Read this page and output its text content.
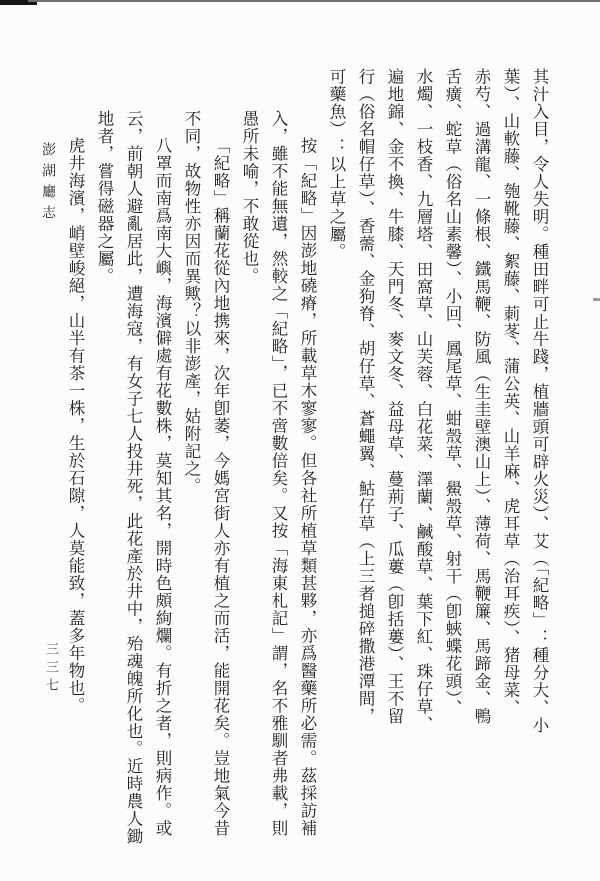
其汁入目，令人失明。種田畔可止牛踐，植牆頭可辟火災）、艾（「紀略」：種分大、小
葉）、山軟藤、匏靴藤、絮藤、莿苳、蒲公英、山羊麻、虎耳草（治耳疾）、猪母菜、
赤芍、過溝龍、一條根、鐵馬鞭、防風（生圭壁澳山上）、薄荷、馬鞭簾、馬蹄金、鴨
舌癀、蛇草（俗名山素馨）、小回、鳳尾草、蚶殼草、鱟殼草、射干（卽蛺蝶花頭）、
水燭、一枝香、九層塔、田窩草、山芙蓉、白花菜、澤蘭、鹹酸草、葉下紅、珠仔草、
遍地錦、金不換、牛膝、天門冬、麥文冬、益母草、蔓荊子、瓜蔞（卽括蔞）、王不留
行（俗名帽仔草）、香薷、金狗脊、胡仔草、蒼蠅翼、鮕仔草（上三者搥碎撒港潭間，
可藥魚）：以上草之屬。
按「紀略」因澎地磽瘠，所載草木寥寥。但各社所植草類甚夥，亦爲醫藥所必需。茲採訪補
入，雖不能無遺，然較之「紀略」，已不啻數倍矣。又按「海東札記」謂，名不雅馴者弗載，則
愚所未喻，不敢從也。
「紀略」稱蘭花從內地携來，次年卽萎，今媽宮街人亦有植之而活，能開花矣。豈地氣今昔
不同，故物性亦因而異歟？以非澎產，姑附記之。
八罩而南爲南大嶼，海濱僻處有花數株，莫知其名，開時色頗絢爛。有折之者，則病作。或
云，前朝人避亂居此，遭海寇，有女子七人投井死，此花產於井中，殆魂魄所化也。近時農人鋤
地者，嘗得磁器之屬。
虎井海濱，峭壁峻絕，山半有茶一株，生於石隙，人莫能致，蓋多年物也。
澎湖廳志
三三七
